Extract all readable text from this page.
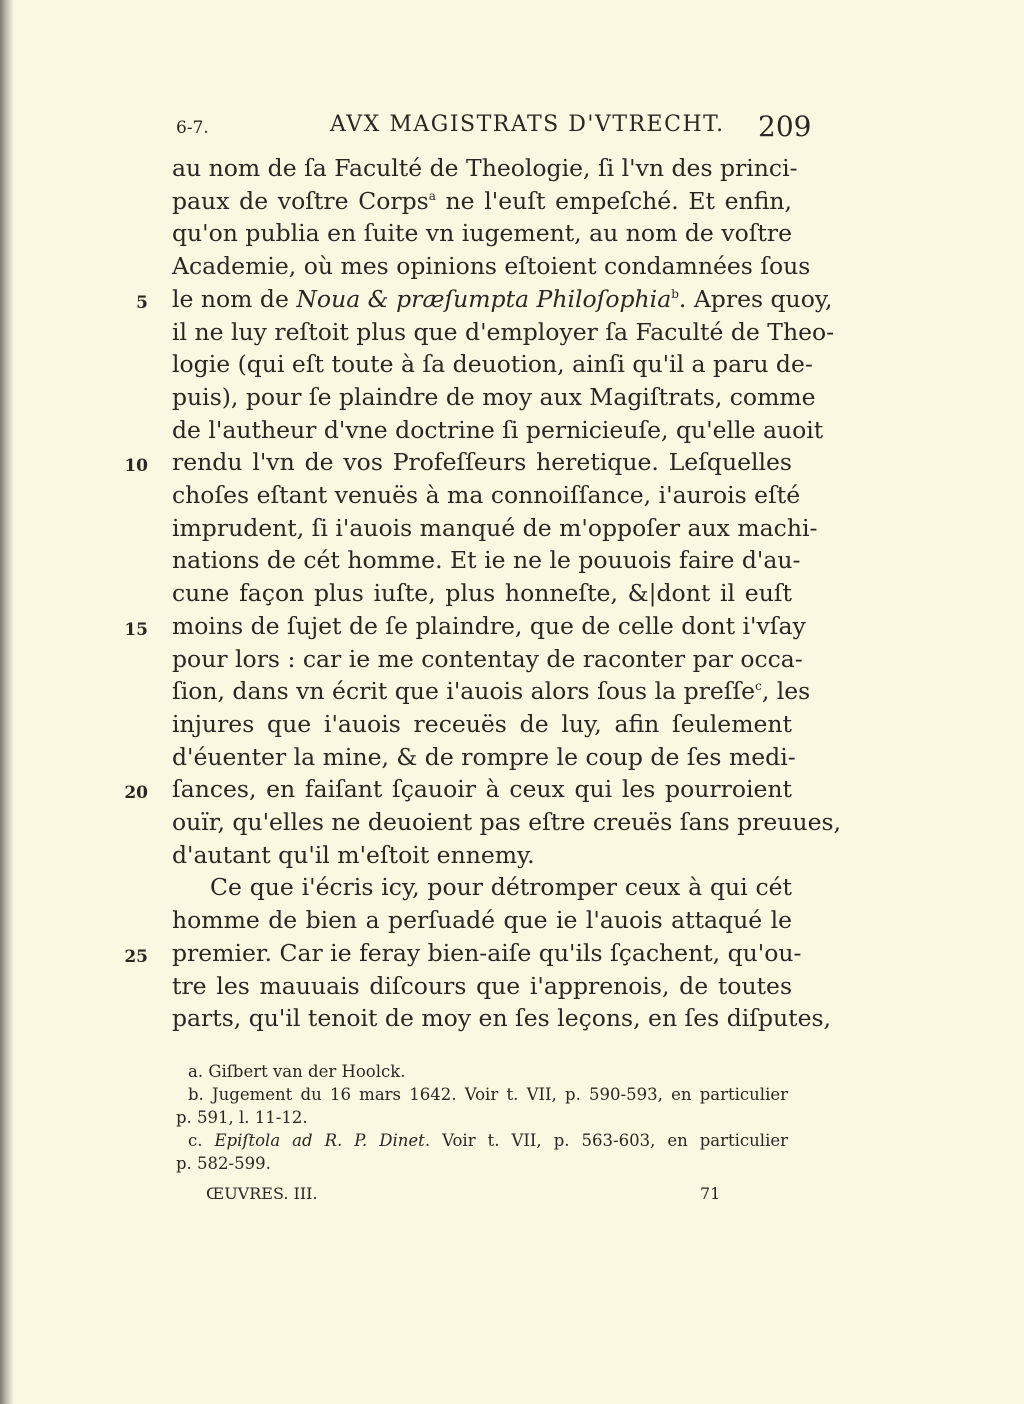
6-7.	AVX MAGISTRATS D'VTRECHT. 209
au nom de ſa Faculté de Theologie, ſi l'vn des princi-
paux de voſtre Corps$^a$ ne l'euſt empeſché. Et enfin,
qu'on publia en ſuite vn iugement, au nom de voſtre
Academie, où mes opinions eſtoient condamnées ſous
5 le nom de Noua & præſumpta Philoſophia$^b$. Apres quoy,
il ne luy reſtoit plus que d'employer ſa Faculté de Theo-
logie (qui eſt toute à ſa deuotion, ainſi qu'il a paru de-
puis), pour ſe plaindre de moy aux Magiſtrats, comme
de l'autheur d'vne doctrine ſi pernicieuſe, qu'elle auoit
10 rendu l'vn de vos Profeſſeurs heretique. Leſquelles
choſes eſtant venuës à ma connoiſſance, i'aurois eſté
imprudent, ſi i'auois manqué de m'oppoſer aux machi-
nations de cét homme. Et ie ne le pouuois faire d'au-
cune façon plus iuſte, plus honneſte, &|dont il euſt
15 moins de ſujet de ſe plaindre, que de celle dont i'vſay
pour lors : car ie me contentay de raconter par occa-
ſion, dans vn écrit que i'auois alors ſous la preſſe$^c$, les
injures que i'auois receuës de luy, afin ſeulement
d'éuenter la mine, & de rompre le coup de ſes medi-
20 ſances, en faiſant ſçauoir à ceux qui les pourroient
ouïr, qu'elles ne deuoient pas eſtre creuës ſans preuues,
d'autant qu'il m'eſtoit ennemy.
Ce que i'écris icy, pour détromper ceux à qui cét
homme de bien a perſuadé que ie l'auois attaqué le
25 premier. Car ie feray bien-aiſe qu'ils ſçachent, qu'ou-
tre les mauuais diſcours que i'apprenois, de toutes
parts, qu'il tenoit de moy en ſes leçons, en ſes diſputes,
a. Giſbert van der Hoolck.
b. Jugement du 16 mars 1642. Voir t. VII, p. 590-593, en particulier
p. 591, l. 11-12.
c. Epiſtola ad R. P. Dinet. Voir t. VII, p. 563-603, en particulier
p. 582-599.
ŒUVRES. III.	71
